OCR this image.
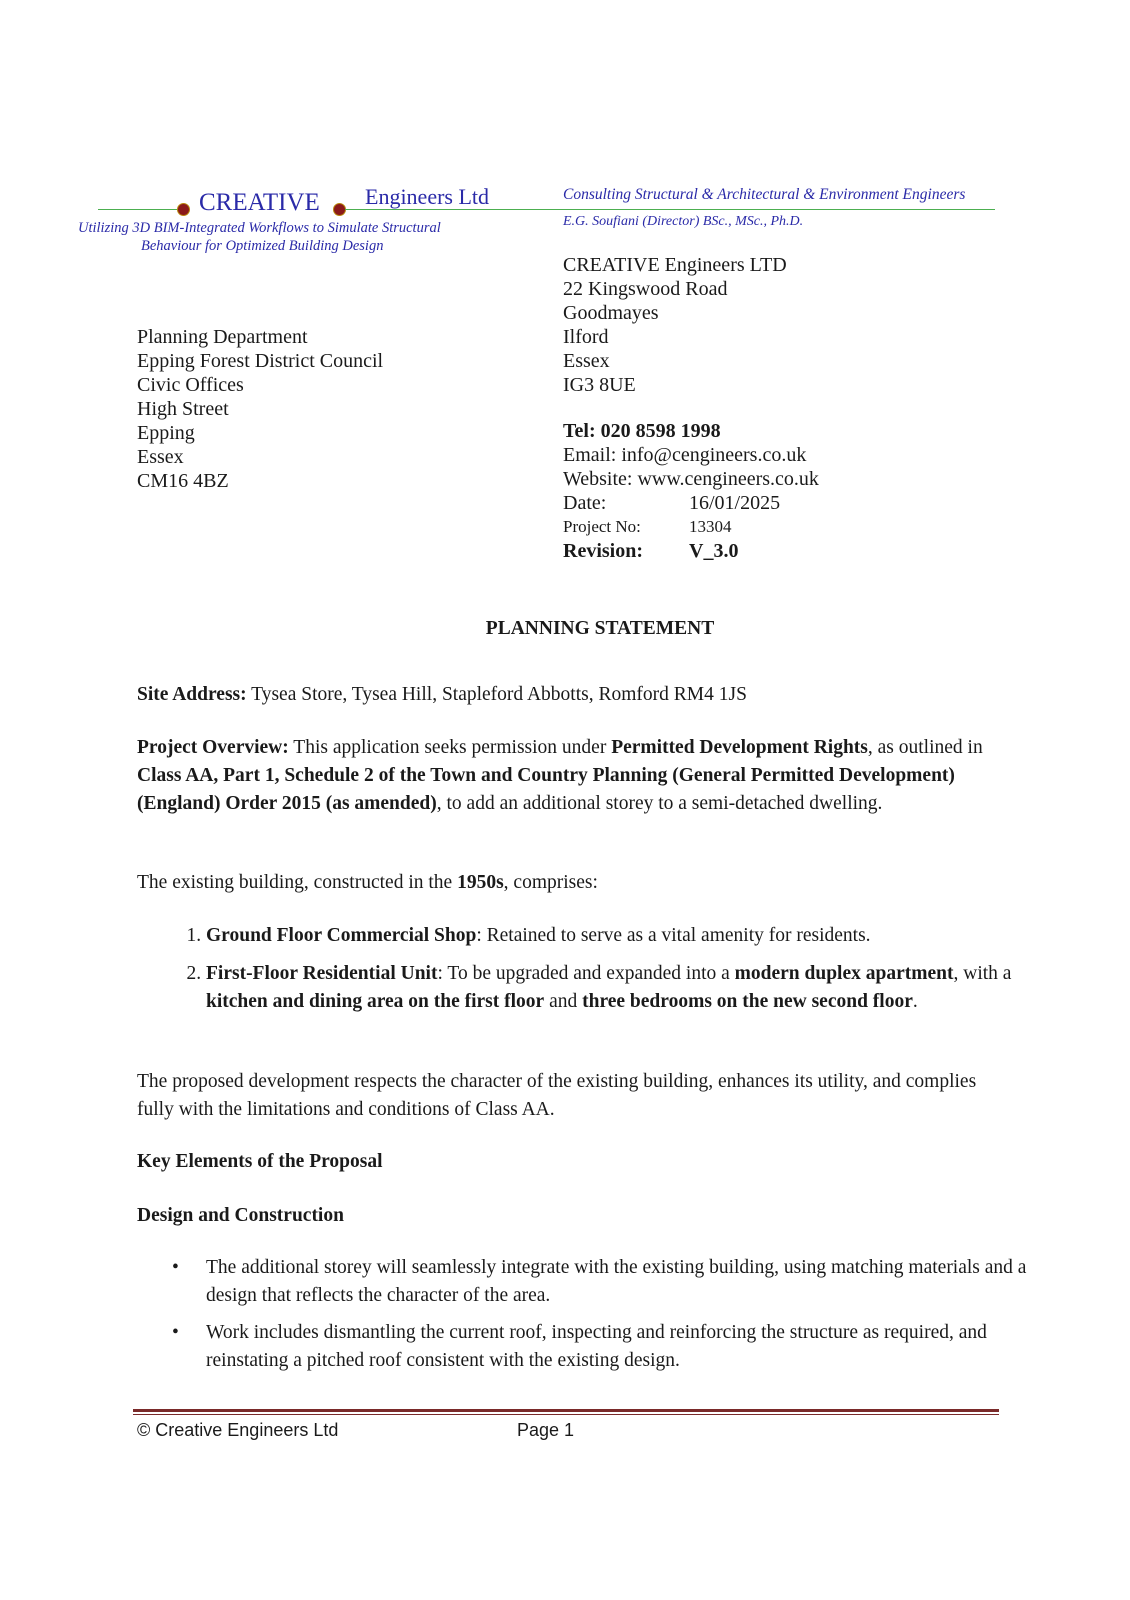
CREATIVE Engineers Ltd
Utilizing 3D BIM-Integrated Workflows to Simulate Structural
Behaviour for Optimized Building Design
Consulting Structural & Architectural & Environment Engineers
E.G. Soufiani (Director) BSc., MSc., Ph.D.
CREATIVE Engineers LTD
22 Kingswood Road
Goodmayes
Ilford
Essex
IG3 8UE
Tel: 020 8598 1998
Email: info@cengineers.co.uk
Website: www.cengineers.co.uk
Date:	16/01/2025
Project No:	13304
Revision: V_3.0
Planning Department
Epping Forest District Council
Civic Offices
High Street
Epping
Essex
CM16 4BZ
PLANNING STATEMENT
Site Address: Tysea Store, Tysea Hill, Stapleford Abbotts, Romford RM4 1JS
Project Overview: This application seeks permission under Permitted Development Rights, as outlined in Class AA, Part 1, Schedule 2 of the Town and Country Planning (General Permitted Development) (England) Order 2015 (as amended), to add an additional storey to a semi-detached dwelling.
The existing building, constructed in the 1950s, comprises:
1. Ground Floor Commercial Shop: Retained to serve as a vital amenity for residents.
2. First-Floor Residential Unit: To be upgraded and expanded into a modern duplex apartment, with a kitchen and dining area on the first floor and three bedrooms on the new second floor.
The proposed development respects the character of the existing building, enhances its utility, and complies fully with the limitations and conditions of Class AA.
Key Elements of the Proposal
Design and Construction
• The additional storey will seamlessly integrate with the existing building, using matching materials and a design that reflects the character of the area.
• Work includes dismantling the current roof, inspecting and reinforcing the structure as required, and reinstating a pitched roof consistent with the existing design.
© Creative Engineers Ltd	Page 1
